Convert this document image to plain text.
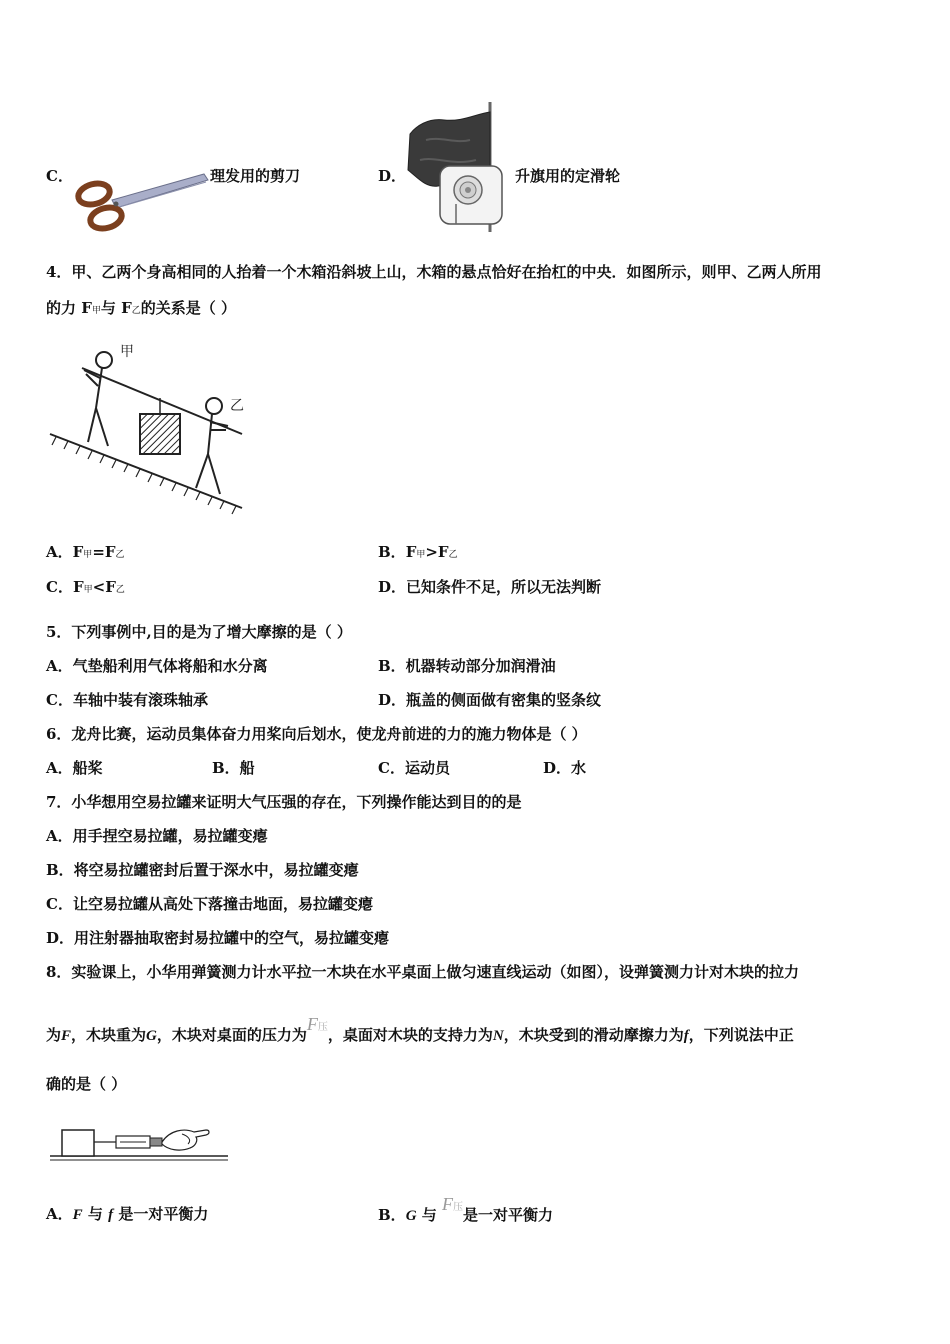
C．	理发用的剪刀	D．	升旗用的定滑轮
4．甲、乙两个身高相同的人抬着一个木箱沿斜坡上山，木箱的悬点恰好在抬杠的中央．如图所示，则甲、乙两人所用
的力 F甲与 F乙的关系是（ ）
甲
乙
A．F甲=F乙	B．F甲>F乙
C．F甲<F乙	D．已知条件不足，所以无法判断
5．下列事例中,目的是为了增大摩擦的是（ ）
A．气垫船利用气体将船和水分离	B．机器转动部分加润滑油
C．车轴中装有滚珠轴承	D．瓶盖的侧面做有密集的竖条纹
6．龙舟比赛，运动员集体奋力用桨向后划水，使龙舟前进的力的施力物体是（ ）
A．船桨	B．船	C．运动员	D．水
7．小华想用空易拉罐来证明大气压强的存在，下列操作能达到目的的是
A．用手捏空易拉罐，易拉罐变瘪
B．将空易拉罐密封后置于深水中，易拉罐变瘪
C．让空易拉罐从高处下落撞击地面，易拉罐变瘪
D．用注射器抽取密封易拉罐中的空气，易拉罐变瘪
8．实验课上，小华用弹簧测力计水平拉一木块在水平桌面上做匀速直线运动（如图），设弹簧测力计对木块的拉力
为F，木块重为G，木块对桌面的压力为F压，桌面对木块的支持力为N，木块受到的滑动摩擦力为f，下列说法中正
确的是（ ）
A．F 与 f 是一对平衡力	B．G 与 F压是一对平衡力
